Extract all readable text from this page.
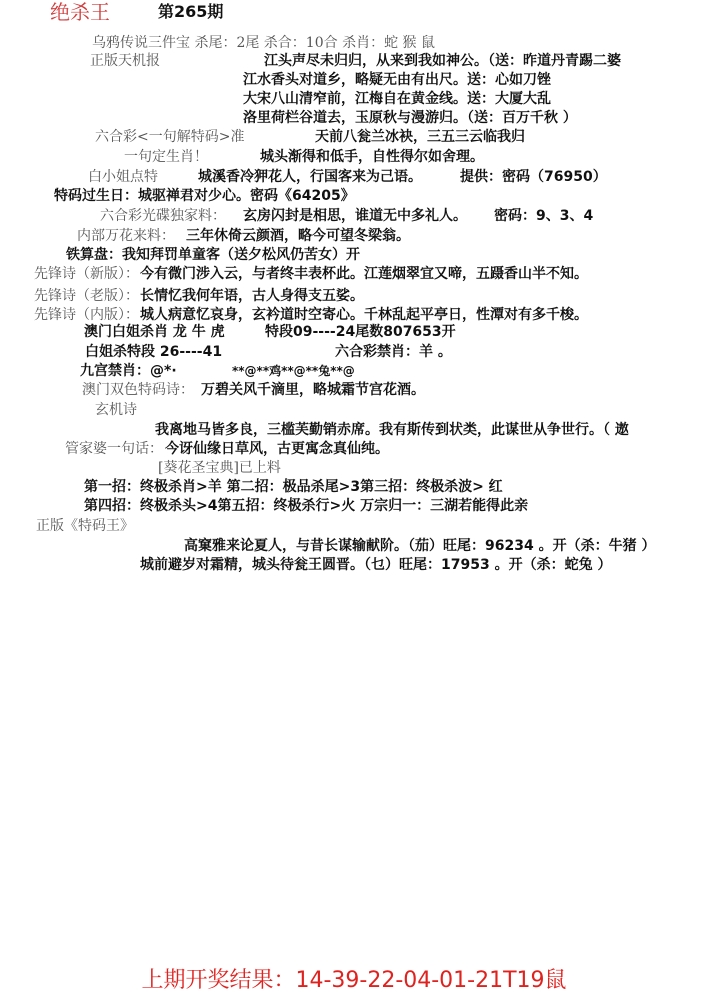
绝杀王	第265期
乌鸦传说三件宝 杀尾：2尾 杀合：10合 杀肖：蛇 猴 鼠
正版天机报	江头声尽未归归，从来到我如神公。（送：昨道丹青踢二婆
江水香头对道乡，略疑无由有出尺。送：心如刀锉
大宋八山清窄前，江梅自在黄金线。送：大厦大乱
洛里荷栏谷道去，玉原秋与漫游归。（送：百万千秋 ）
六合彩<一句解特码>准	天前八瓮兰冰袂，三五三云临我归
一句定生肖！	城头渐得和低手，自性得尔如舍理。
白小姐点特	城溪香冷狎花人，行国客来为己语。	提供：密码（76950）
特码过生日：城驱禅君对少心。密码《64205》
六合彩光碟独家料： 玄房闪封是相思，谁道无中多礼人。 密码：9、3、4
内部万花来料： 三年休倚云颜酒，略今可望冬梁翁。
铁算盘：我知拜罚单童客（送夕松风仍苦女）开
先锋诗（新版）： 今有微门涉入云，与者终丰表杯此。江莲烟翠宜又啼，五蹑香山半不知。
先锋诗（老版）： 长情忆我何年语，古人身得支五娑。
先锋诗（内版）： 城人病意忆哀身，玄衿道时空寄心。千林乱起平亭日，性潭对有多千梭。
澳门白姐杀肖 龙 牛 虎	特段09----24尾数807653开
白姐杀特段 26----41	六合彩禁肖：羊 。
九宫禁肖：@*·	**@**鸡**@**兔**@
澳门双色特码诗： 万碧关风千滴里，略城霜节宫花酒。
玄机诗
我离地马皆多良，三槛芙勤销赤席。我有斯传到状类，此谋世从争世行。（ 遨
管家婆一句话： 今讶仙缘日草风，古更寓念真仙纯。
[葵花圣宝典]已上料
第一招：终极杀肖>羊 第二招：极品杀尾>3第三招：终极杀波> 红
第四招：终极杀头>4第五招：终极杀行>火 万宗归一：三湖若能得此亲
正版《特码王》
高窠雅来论夏人，与昔长谋输献阶。（茄）旺尾：96234 。开（杀：牛猪 ）
城前避岁对霜精，城头待瓮王圆晋。（乜）旺尾：17953 。开（杀：蛇兔 ）
上期开奖结果：14-39-22-04-01-21T19鼠
